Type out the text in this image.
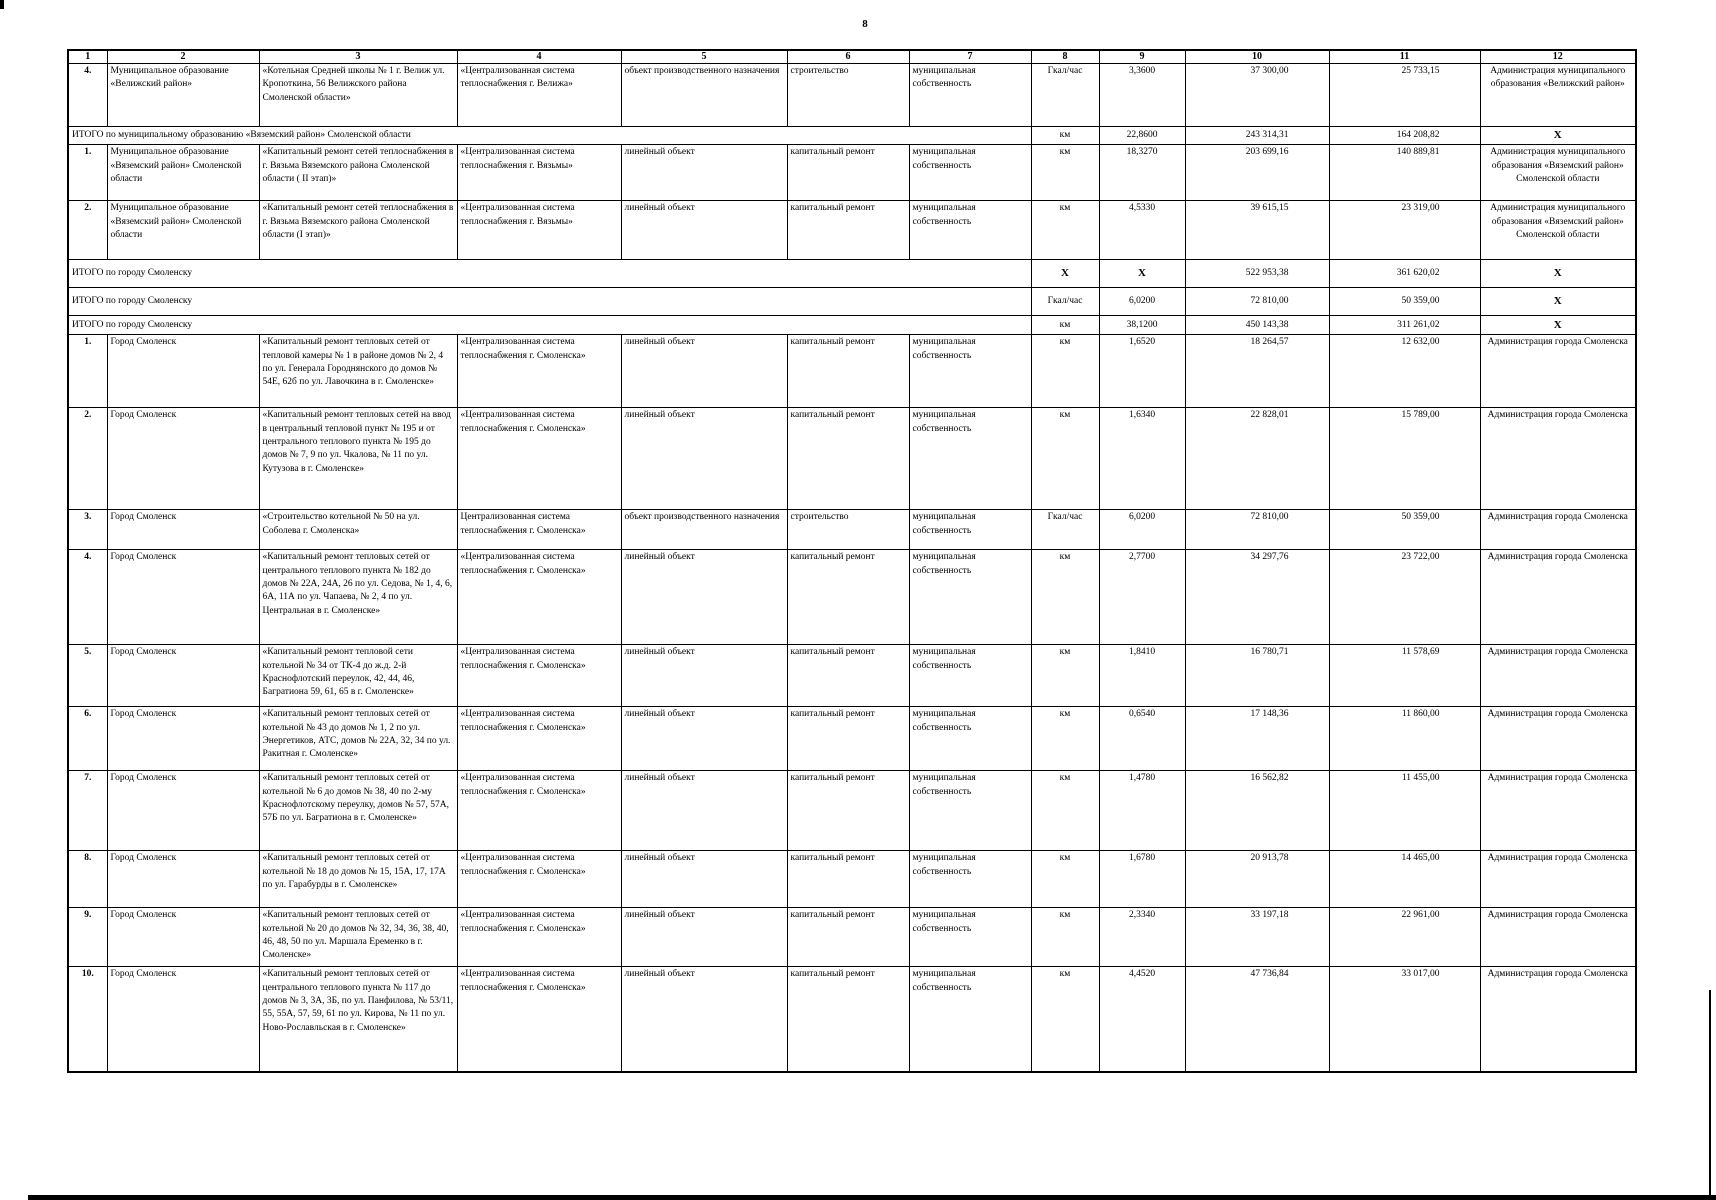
8
1	2	3	4	5	6	7	8	9	10	11	12
4.	Муниципальное образование «Велижский район»	«Котельная Средней школы № 1 г. Велиж ул. Кропоткина, 56 Велижского района Смоленской области»	«Централизованная система теплоснабжения г. Велижа»	объект производственного назначения	строительство	муниципальная собственность	Гкал/час	3,3600	37 300,00	25 733,15	Администрация муниципального образования «Велижский район»
ИТОГО по муниципальному образованию «Вяземский район» Смоленской области							км	22,8600	243 314,31	164 208,82	Х
1.	Муниципальное образование «Вяземский район» Смоленской области	«Капитальный ремонт сетей теплоснабжения в г. Вязьма Вяземского района Смоленской области ( II этап)»	«Централизованная система теплоснабжения г. Вязьмы»	линейный объект	капитальный ремонт	муниципальная собственность	км	18,3270	203 699,16	140 889,81	Администрация муниципального образования «Вяземский район» Смоленской области
2.	Муниципальное образование «Вяземский район» Смоленской области	«Капитальный ремонт сетей теплоснабжения в г. Вязьма Вяземского района Смоленской области (I этап)»	«Централизованная система теплоснабжения г. Вязьмы»	линейный объект	капитальный ремонт	муниципальная собственность	км	4,5330	39 615,15	23 319,00	Администрация муниципального образования «Вяземский район» Смоленской области
ИТОГО по городу Смоленску							Х	Х	522 953,38	361 620,02	Х
ИТОГО по городу Смоленску							Гкал/час	6,0200	72 810,00	50 359,00	Х
ИТОГО по городу Смоленску							км	38,1200	450 143,38	311 261,02	Х
1.	Город Смоленск	«Капитальный ремонт тепловых сетей от тепловой камеры № 1 в районе домов № 2, 4 по ул. Генерала Городнянского до домов № 54Е, 62б по ул. Лавочкина в г. Смоленске»	«Централизованная система теплоснабжения г. Смоленска»	линейный объект	капитальный ремонт	муниципальная собственность	км	1,6520	18 264,57	12 632,00	Администрация города Смоленска
2.	Город Смоленск	«Капитальный ремонт тепловых сетей на ввод в центральный тепловой пункт № 195 и от центрального теплового пункта № 195 до домов № 7, 9 по ул. Чкалова, № 11 по ул. Кутузова в г. Смоленске»	«Централизованная система теплоснабжения г. Смоленска»	линейный объект	капитальный ремонт	муниципальная собственность	км	1,6340	22 828,01	15 789,00	Администрация города Смоленска
3.	Город Смоленск	«Строительство котельной № 50 на ул. Соболева г. Смоленска»	Централизованная система теплоснабжения г. Смоленска»	объект производственного назначения	строительство	муниципальная собственность	Гкал/час	6,0200	72 810,00	50 359,00	Администрация города Смоленска
4.	Город Смоленск	«Капитальный ремонт тепловых сетей от центрального теплового пункта № 182 до домов № 22А, 24А, 26 по ул. Седова, № 1, 4, 6, 6А, 11А по ул. Чапаева, № 2, 4 по ул. Центральная в г. Смоленске»	«Централизованная система теплоснабжения г. Смоленска»	линейный объект	капитальный ремонт	муниципальная собственность	км	2,7700	34 297,76	23 722,00	Администрация города Смоленска
5.	Город Смоленск	«Капитальный ремонт тепловой сети котельной № 34 от ТК-4 до ж.д. 2-й Краснофлотский переулок, 42, 44, 46, Багратиона 59, 61, 65 в г. Смоленске»	«Централизованная система теплоснабжения г. Смоленска»	линейный объект	капитальный ремонт	муниципальная собственность	км	1,8410	16 780,71	11 578,69	Администрация города Смоленска
6.	Город Смоленск	«Капитальный ремонт тепловых сетей от котельной № 43 до домов № 1, 2 по ул. Энергетиков, АТС, домов № 22А, 32, 34 по ул. Ракитная г. Смоленске»	«Централизованная система теплоснабжения г. Смоленска»	линейный объект	капитальный ремонт	муниципальная собственность	км	0,6540	17 148,36	11 860,00	Администрация города Смоленска
7.	Город Смоленск	«Капитальный ремонт тепловых сетей от котельной № 6 до домов № 38, 40 по 2-му Краснофлотскому переулку, домов № 57, 57А, 57Б по ул. Багратиона в г. Смоленске»	«Централизованная система теплоснабжения г. Смоленска»	линейный объект	капитальный ремонт	муниципальная собственность	км	1,4780	16 562,82	11 455,00	Администрация города Смоленска
8.	Город Смоленск	«Капитальный ремонт тепловых сетей от котельной № 18 до домов № 15, 15А, 17, 17А по ул. Гарабурды в г. Смоленске»	«Централизованная система теплоснабжения г. Смоленска»	линейный объект	капитальный ремонт	муниципальная собственность	км	1,6780	20 913,78	14 465,00	Администрация города Смоленска
9.	Город Смоленск	«Капитальный ремонт тепловых сетей от котельной № 20 до домов № 32, 34, 36, 38, 40, 46, 48, 50 по ул. Маршала Еременко в г. Смоленске»	«Централизованная система теплоснабжения г. Смоленска»	линейный объект	капитальный ремонт	муниципальная собственность	км	2,3340	33 197,18	22 961,00	Администрация города Смоленска
10.	Город Смоленск	«Капитальный ремонт тепловых сетей от центрального теплового пункта № 117 до домов № 3, 3А, 3Б, по ул. Панфилова, № 53/11, 55, 55А, 57, 59, 61 по ул. Кирова, № 11 по ул. Ново-Рославльская в г. Смоленске»	«Централизованная система теплоснабжения г. Смоленска»	линейный объект	капитальный ремонт	муниципальная собственность	км	4,4520	47 736,84	33 017,00	Администрация города Смоленска
